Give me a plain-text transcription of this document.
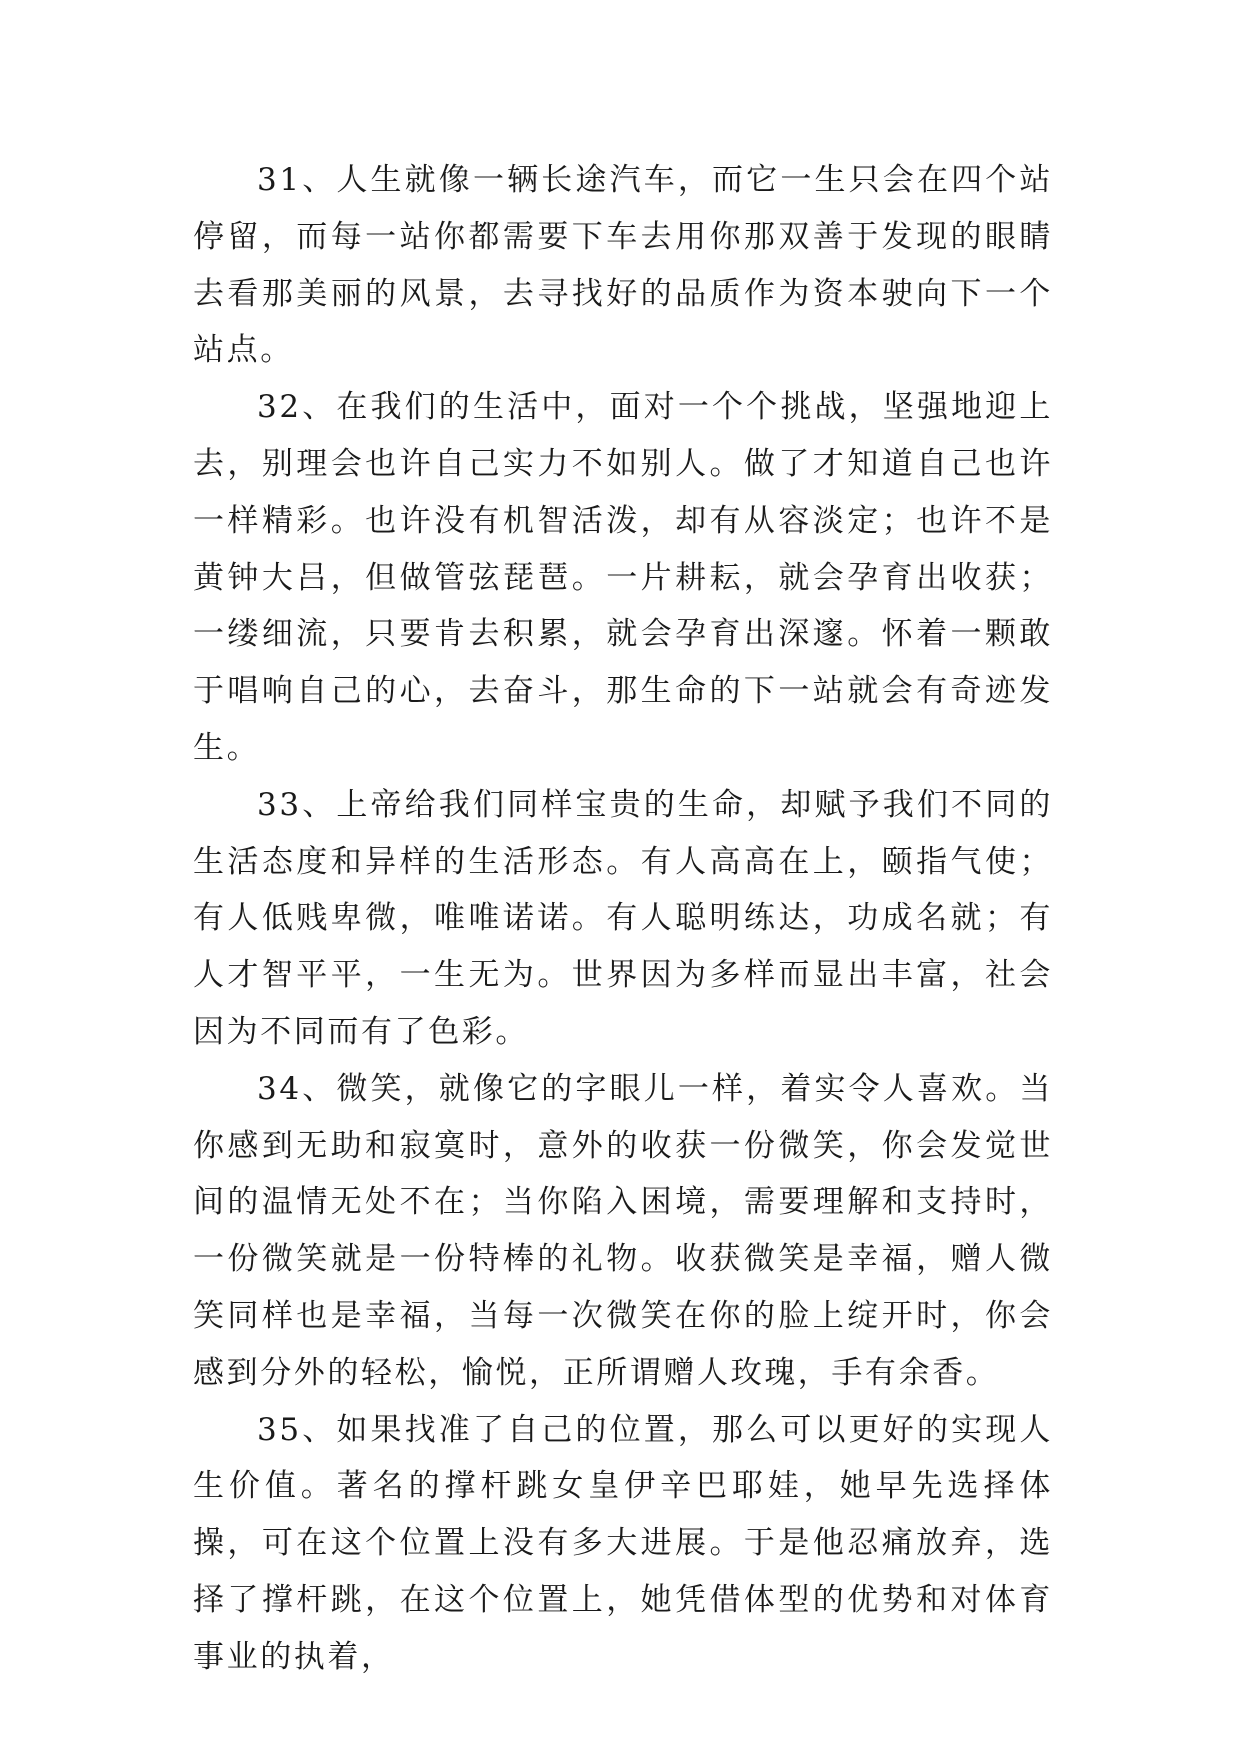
31、人生就像一辆长途汽车，而它一生只会在四个站停留，而每一站你都需要下车去用你那双善于发现的眼睛去看那美丽的风景，去寻找好的品质作为资本驶向下一个站点。

32、在我们的生活中，面对一个个挑战，坚强地迎上去，别理会也许自己实力不如别人。做了才知道自己也许一样精彩。也许没有机智活泼，却有从容淡定；也许不是黄钟大吕，但做管弦琵琶。一片耕耘，就会孕育出收获；一缕细流，只要肯去积累，就会孕育出深邃。怀着一颗敢于唱响自己的心，去奋斗，那生命的下一站就会有奇迹发生。

33、上帝给我们同样宝贵的生命，却赋予我们不同的生活态度和异样的生活形态。有人高高在上，颐指气使；有人低贱卑微，唯唯诺诺。有人聪明练达，功成名就；有人才智平平，一生无为。世界因为多样而显出丰富，社会因为不同而有了色彩。

34、微笑，就像它的字眼儿一样，着实令人喜欢。当你感到无助和寂寞时，意外的收获一份微笑，你会发觉世间的温情无处不在；当你陷入困境，需要理解和支持时，一份微笑就是一份特棒的礼物。收获微笑是幸福，赠人微笑同样也是幸福，当每一次微笑在你的脸上绽开时，你会感到分外的轻松，愉悦，正所谓赠人玫瑰，手有余香。

35、如果找准了自己的位置，那么可以更好的实现人生价值。著名的撑杆跳女皇伊辛巴耶娃，她早先选择体操，可在这个位置上没有多大进展。于是他忍痛放弃，选择了撑杆跳，在这个位置上，她凭借体型的优势和对体育事业的执着，
